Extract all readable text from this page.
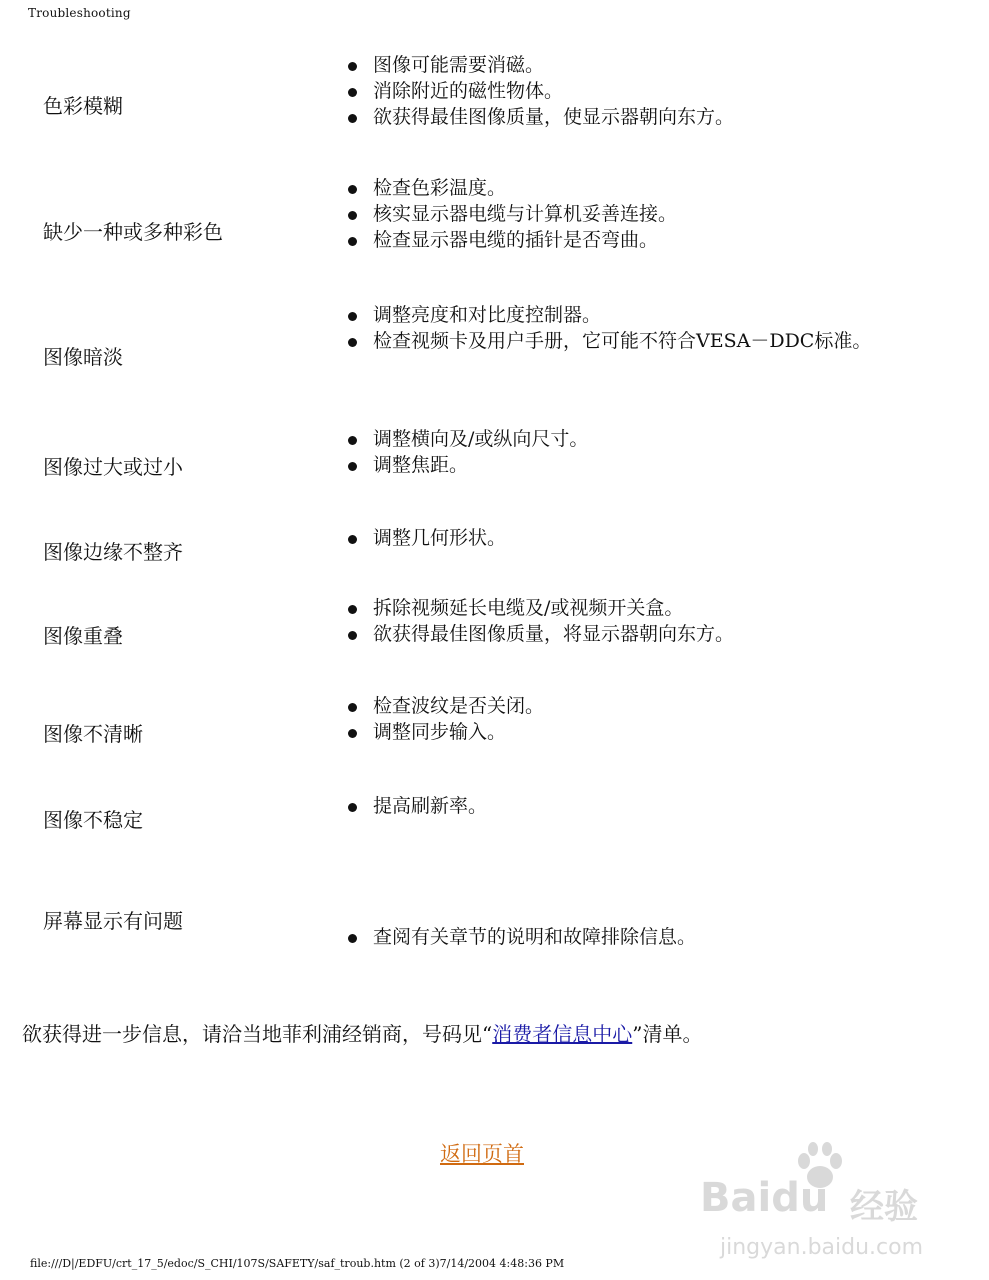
Troubleshooting
色彩模糊
图像可能需要消磁。
消除附近的磁性物体。
欲获得最佳图像质量，使显示器朝向东方。
缺少一种或多种彩色
检查色彩温度。
核实显示器电缆与计算机妥善连接。
检查显示器电缆的插针是否弯曲。
图像暗淡
调整亮度和对比度控制器。
检查视频卡及用户手册，它可能不符合VESA－DDC标准。
图像过大或过小
调整横向及/或纵向尺寸。
调整焦距。
图像边缘不整齐
调整几何形状。
图像重叠
拆除视频延长电缆及/或视频开关盒。
欲获得最佳图像质量，将显示器朝向东方。
图像不清晰
检查波纹是否关闭。
调整同步输入。
图像不稳定
提高刷新率。
屏幕显示有问题
查阅有关章节的说明和故障排除信息。
欲获得进一步信息，请洽当地菲利浦经销商，号码见“消费者信息中心”清单。
返回页首
Baidu 经验
jingyan.baidu.com
file:///D|/EDFU/crt_17_5/edoc/S_CHI/107S/SAFETY/saf_troub.htm (2 of 3)7/14/2004 4:48:36 PM
